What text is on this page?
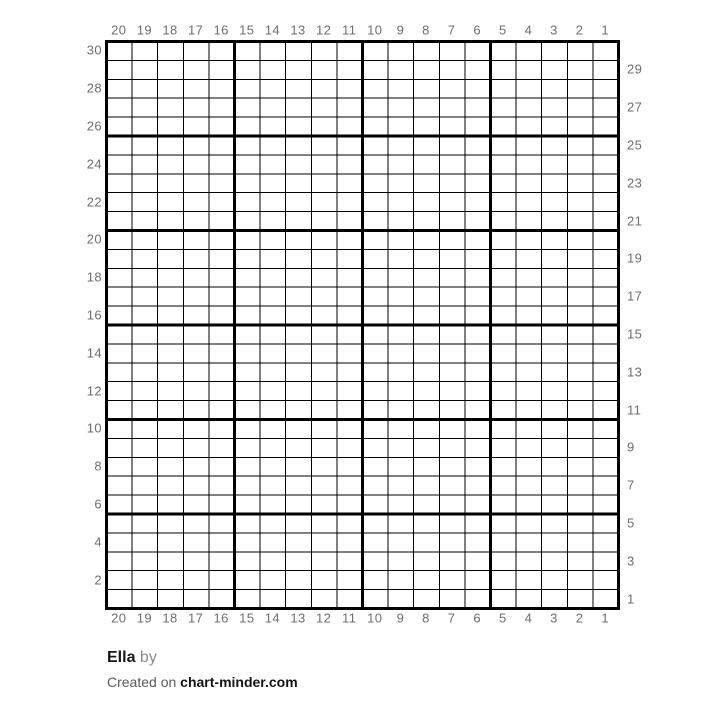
20 19 18 17 16 15 14 13 12 11 10 9 8 7 6 5 4 3 2 1
20 19 18 17 16 15 14 13 12 11 10 9 8 7 6 5 4 3 2 1
30
28
26
24
22
20
18
16
14
12
10
8
6
4
2
29
27
25
23
21
19
17
15
13
11
9
7
5
3
1
Ella by
Created on chart-minder.com
